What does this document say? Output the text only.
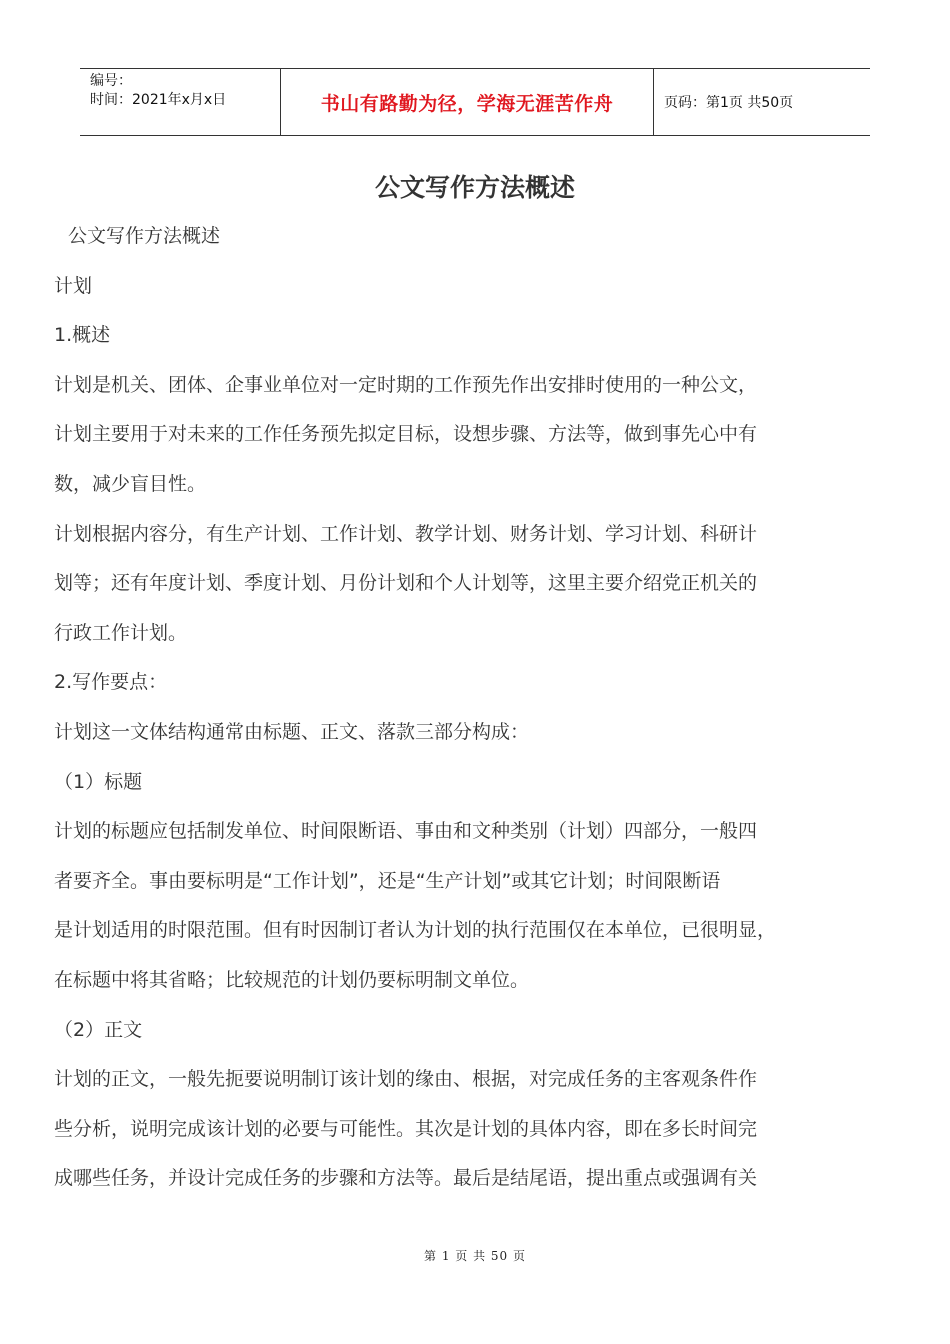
编号：
时间：2021年x月x日	书山有路勤为径，学海无涯苦作舟	页码：第1页 共50页
公文写作方法概述

公文写作方法概述

计划

1.概述

计划是机关、团体、企事业单位对一定时期的工作预先作出安排时使用的一种公文，

计划主要用于对未来的工作任务预先拟定目标，设想步骤、方法等，做到事先心中有

数，减少盲目性。

计划根据内容分，有生产计划、工作计划、教学计划、财务计划、学习计划、科研计

划等；还有年度计划、季度计划、月份计划和个人计划等，这里主要介绍党正机关的

行政工作计划。

2.写作要点：

计划这一文体结构通常由标题、正文、落款三部分构成：

（1）标题

计划的标题应包括制发单位、时间限断语、事由和文种类别（计划）四部分，一般四

者要齐全。事由要标明是“工作计划”，还是“生产计划”或其它计划；时间限断语

是计划适用的时限范围。但有时因制订者认为计划的执行范围仅在本单位，已很明显，

在标题中将其省略；比较规范的计划仍要标明制文单位。

（2）正文

计划的正文，一般先扼要说明制订该计划的缘由、根据，对完成任务的主客观条件作

些分析，说明完成该计划的必要与可能性。其次是计划的具体内容，即在多长时间完

成哪些任务，并设计完成任务的步骤和方法等。最后是结尾语，提出重点或强调有关

第 1 页 共 50 页
